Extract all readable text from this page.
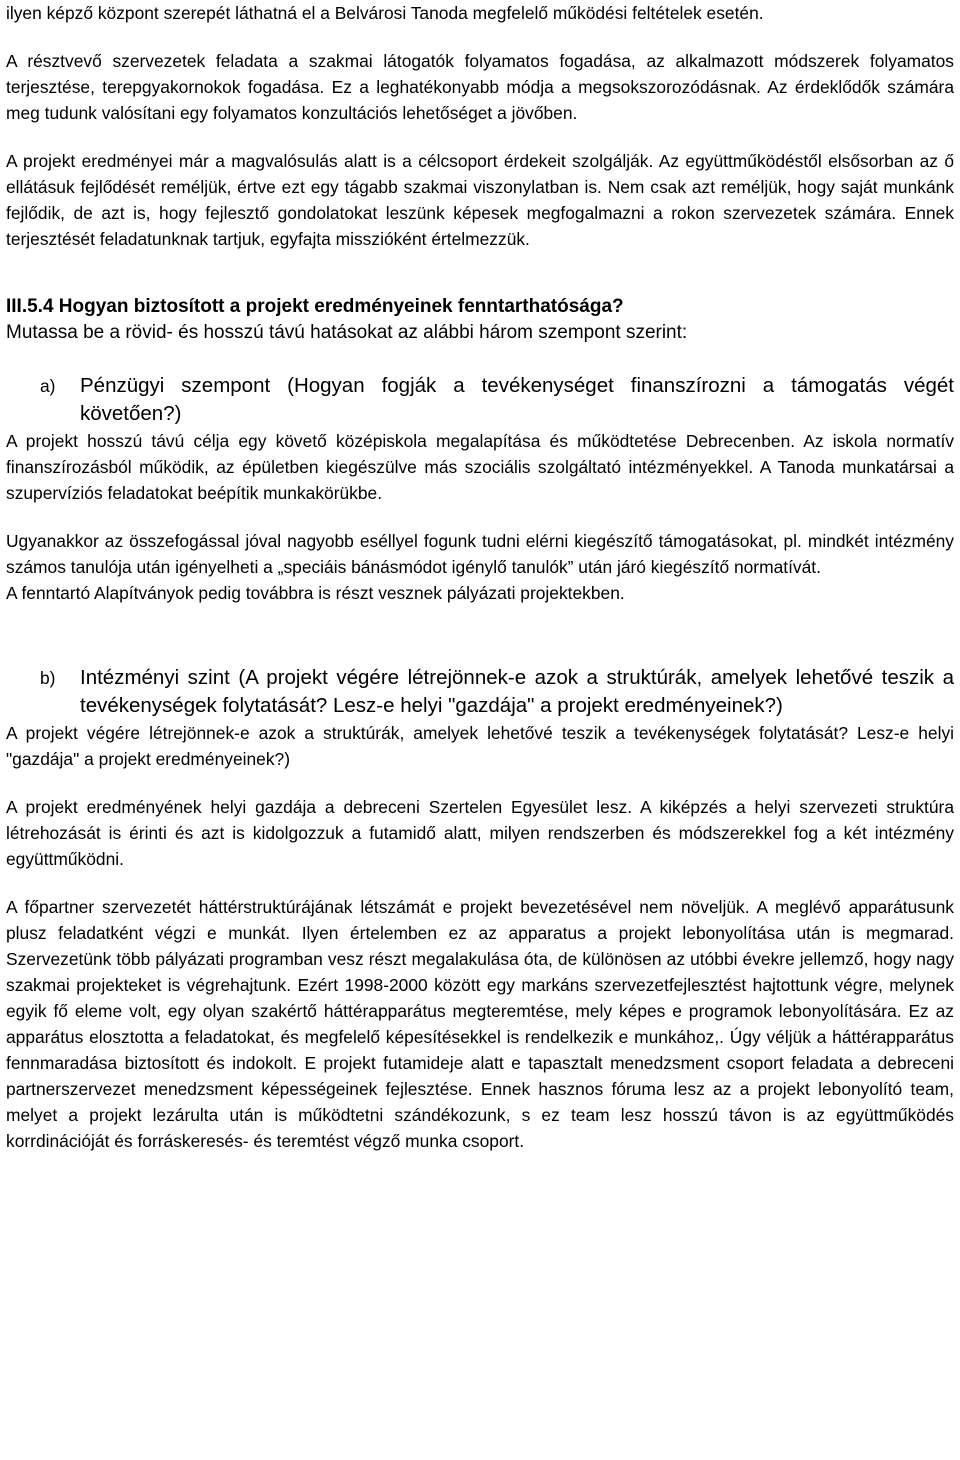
ilyen képző központ szerepét láthatná el a Belvárosi Tanoda megfelelő működési feltételek esetén.

A résztvevő szervezetek feladata a szakmai látogatók folyamatos fogadása, az alkalmazott módszerek folyamatos terjesztése, terepgyakornokok fogadása. Ez a leghatékonyabb módja a megsokszorozódásnak. Az érdeklődők számára meg tudunk valósítani egy folyamatos konzultációs lehetőséget a jövőben.

A projekt eredményei már a magvalósulás alatt is a célcsoport érdekeit szolgálják. Az együttműködéstől elsősorban az ő ellátásuk fejlődését reméljük, értve ezt egy tágabb szakmai viszonylatban is. Nem csak azt reméljük, hogy saját munkánk fejlődik, de azt is, hogy fejlesztő gondolatokat leszünk képesek megfogalmazni a rokon szervezetek számára. Ennek terjesztését feladatunknak tartjuk, egyfajta misszióként értelmezzük.

III.5.4 Hogyan biztosított a projekt eredményeinek fenntarthatósága?
Mutassa be a rövid- és hosszú távú hatásokat az alábbi három szempont szerint:
a)	Pénzügyi szempont (Hogyan fogják a tevékenységet finanszírozni a támogatás végét követően?)

A projekt hosszú távú célja egy követő középiskola megalapítása és működtetése Debrecenben. Az iskola normatív finanszírozásból működik, az épületben kiegészülve más szociális szolgáltató intézményekkel. A Tanoda munkatársai a szupervíziós feladatokat beépítik munkakörükbe.

Ugyanakkor az összefogással jóval nagyobb eséllyel fogunk tudni elérni kiegészítő támogatásokat, pl. mindkét intézmény számos tanulója után igényelheti a „speciáis bánásmódot igénylő tanulók” után járó kiegészítő normatívát.

A fenntartó Alapítványok pedig továbbra is részt vesznek pályázati projektekben.

b)	Intézményi szint (A projekt végére létrejönnek-e azok a struktúrák, amelyek lehetővé teszik a tevékenységek folytatását? Lesz-e helyi "gazdája" a projekt eredményeinek?)

A projekt végére létrejönnek-e azok a struktúrák, amelyek lehetővé teszik a tevékenységek folytatását? Lesz-e helyi "gazdája" a projekt eredményeinek?)

A projekt eredményének helyi gazdája a debreceni Szertelen Egyesület lesz. A kiképzés a helyi szervezeti struktúra létrehozását is érinti és azt is kidolgozzuk a futamidő alatt, milyen rendszerben és módszerekkel fog a két intézmény együttműködni.

A főpartner szervezetét háttérstruktúrájának létszámát e projekt bevezetésével nem növeljük. A meglévő apparátusunk plusz feladatként végzi e munkát. Ilyen értelemben ez az apparatus a projekt lebonyolítása után is megmarad. Szervezetünk több pályázati programban vesz részt megalakulása óta, de különösen az utóbbi évekre jellemző, hogy nagy szakmai projekteket is végrehajtunk. Ezért 1998-2000 között egy markáns szervezetfejlesztést hajtottunk végre, melynek egyik fő eleme volt, egy olyan szakértő háttérapparátus megteremtése, mely képes e programok lebonyolítására. Ez az apparátus elosztotta a feladatokat, és megfelelő képesítésekkel is rendelkezik e munkához,. Úgy véljük a háttérapparátus fennmaradása biztosított és indokolt. E projekt futamideje alatt e tapasztalt menedzsment csoport feladata a debreceni partnerszervezet menedzsment képességeinek fejlesztése. Ennek hasznos fóruma lesz az a projekt lebonyolító team, melyet a projekt lezárulta után is működtetni szándékozunk, s ez team lesz hosszú távon is az együttműködés korrdinációját és forráskeresés- és teremtést végző munka csoport.
